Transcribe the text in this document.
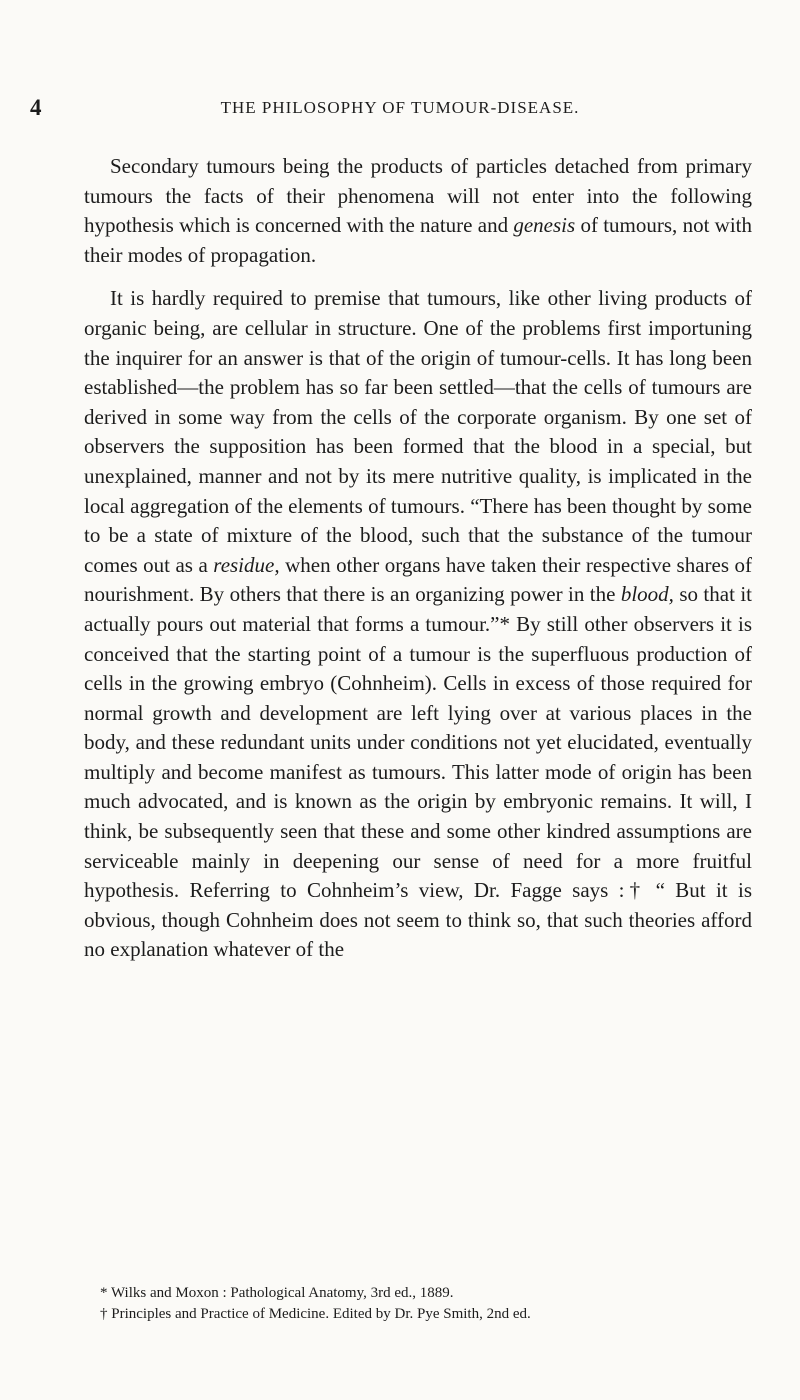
4	THE PHILOSOPHY OF TUMOUR-DISEASE.

Secondary tumours being the products of particles detached from primary tumours the facts of their phenomena will not enter into the following hypothesis which is concerned with the nature and genesis of tumours, not with their modes of propagation.

It is hardly required to premise that tumours, like other living products of organic being, are cellular in structure. One of the problems first importuning the inquirer for an answer is that of the origin of tumour-cells. It has long been established—the problem has so far been settled—that the cells of tumours are derived in some way from the cells of the corporate organism. By one set of observers the supposition has been formed that the blood in a special, but unexplained, manner and not by its mere nutritive quality, is implicated in the local aggregation of the elements of tumours. “There has been thought by some to be a state of mixture of the blood, such that the substance of the tumour comes out as a residue, when other organs have taken their respective shares of nourishment. By others that there is an organizing power in the blood, so that it actually pours out material that forms a tumour.”* By still other observers it is conceived that the starting point of a tumour is the superfluous production of cells in the growing embryo (Cohnheim). Cells in excess of those required for normal growth and development are left lying over at various places in the body, and these redundant units under conditions not yet elucidated, eventually multiply and become manifest as tumours. This latter mode of origin has been much advocated, and is known as the origin by embryonic remains. It will, I think, be subsequently seen that these and some other kindred assumptions are serviceable mainly in deepening our sense of need for a more fruitful hypothesis. Referring to Cohnheim’s view, Dr. Fagge says :† “ But it is obvious, though Cohnheim does not seem to think so, that such theories afford no explanation whatever of the

* Wilks and Moxon : Pathological Anatomy, 3rd ed., 1889.
† Principles and Practice of Medicine. Edited by Dr. Pye Smith, 2nd ed.
